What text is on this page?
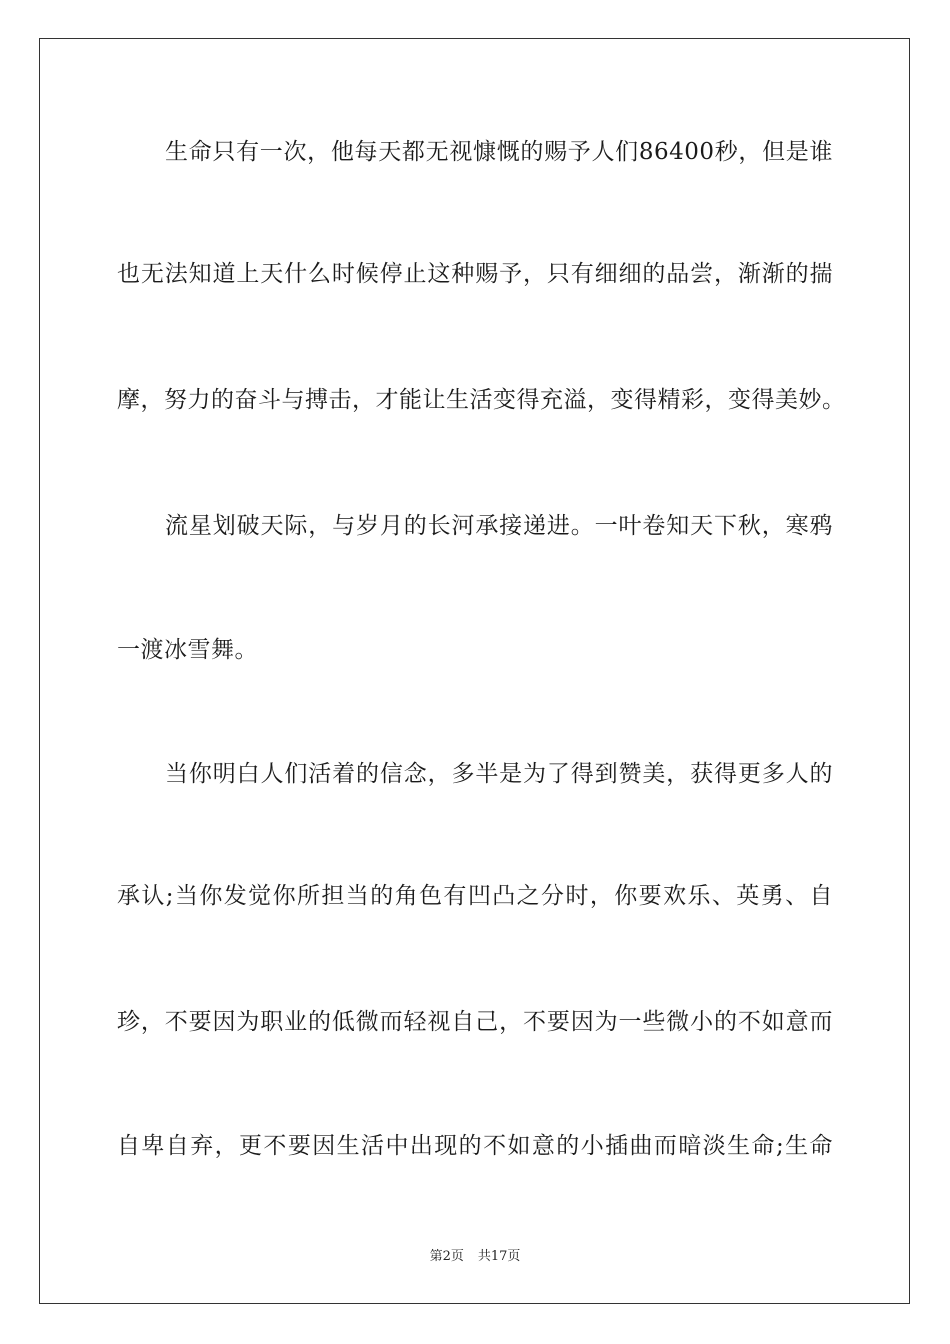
生命只有一次，他每天都无视慷慨的赐予人们86400秒，但是谁
也无法知道上天什么时候停止这种赐予，只有细细的品尝，渐渐的揣
摩，努力的奋斗与搏击，才能让生活变得充溢，变得精彩，变得美妙。
流星划破天际，与岁月的长河承接递进。一叶卷知天下秋，寒鸦
一渡冰雪舞。
当你明白人们活着的信念，多半是为了得到赞美，获得更多人的
承认;当你发觉你所担当的角色有凹凸之分时，你要欢乐、英勇、自
珍，不要因为职业的低微而轻视自己，不要因为一些微小的不如意而
自卑自弃，更不要因生活中出现的不如意的小插曲而暗淡生命;生命
第2页 共17页
